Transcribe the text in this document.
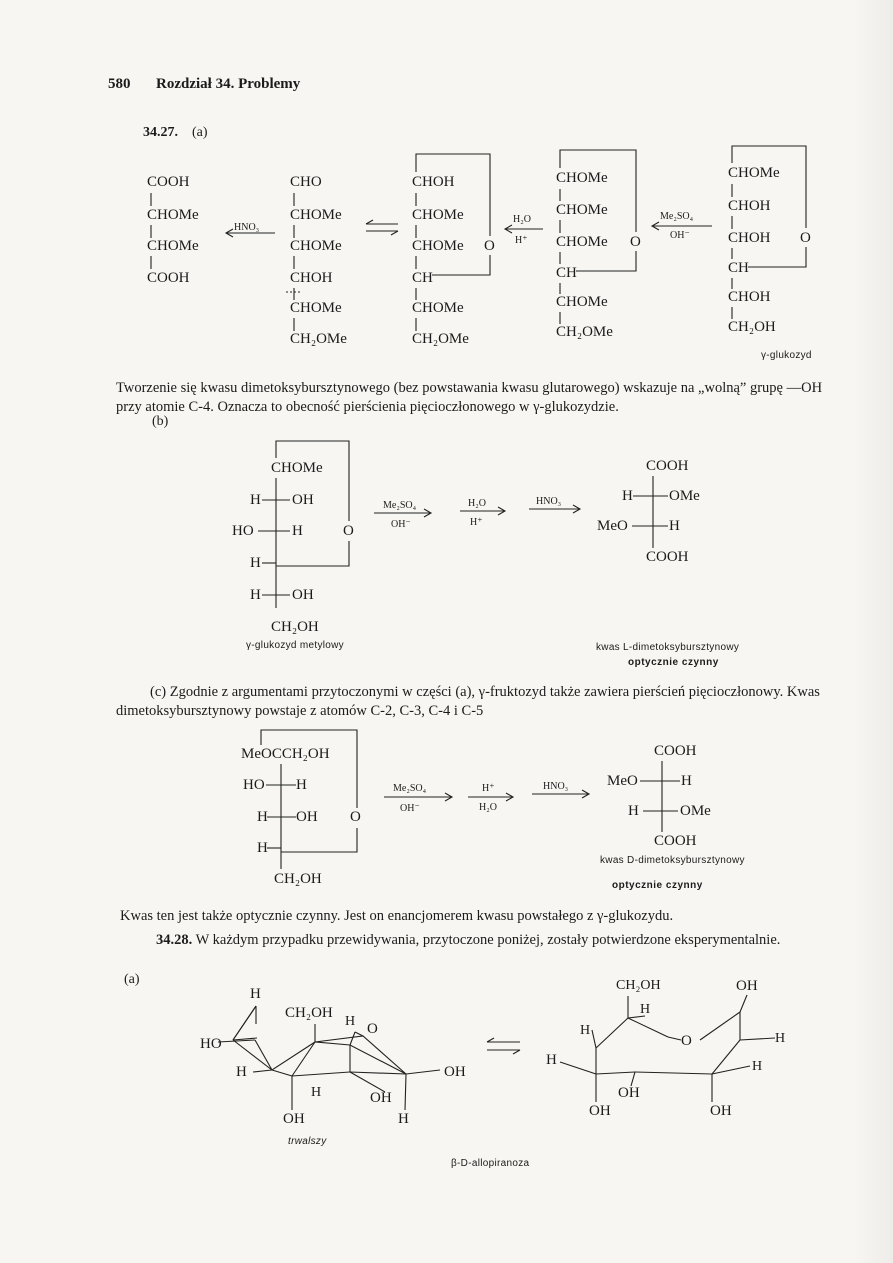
580 Rozdział 34. Problemy
34.27. (a)
COOH
CHOMe
CHOMe
COOH
HNO₃
CHO
CHOMe
CHOMe
CHOH
CHOMe
CH₂OMe
CHOH
CHOMe
CHOMe O
CH
CHOMe
CH₂OMe
H₂O
H⁺
CHOMe
CHOMe
CHOMe O
CH
CHOMe
CH₂OMe
Me₂SO₄
OH⁻
CHOMe
CHOH
CHOH O
CH
CHOH
CH₂OH
γ-glukozyd
Tworzenie się kwasu dimetoksybursztynowego (bez powstawania kwasu glutarowego) wskazuje na „wolną” grupę —OH przy atomie C-4. Oznacza to obecność pierścienia pięcioczłonowego w γ-glukozydzie.
(b)
CHOMe
H OH
HO	H	O
H
H OH
CH₂OH
γ-glukozyd metylowy
Me₂SO₄
OH⁻
H₂O
H⁺
HNO₃
COOH
H OMe
MeO	H
COOH
kwas L-dimetoksybursztynowy
optycznie czynny
(c) Zgodnie z argumentami przytoczonymi w części (a), γ-fruktozyd także zawiera pierścień pięcioczłonowy. Kwas dimetoksybursztynowy powstaje z atomów C-2, C-3, C-4 i C-5
MeOCCH₂OH
HO H
H OH O
H
CH₂OH
Me₂SO₄
OH⁻
H⁺
H₂O
HNO₃
COOH
MeO	H
H	OMe
COOH
kwas D-dimetoksybursztynowy
optycznie czynny
Kwas ten jest także optycznie czynny. Jest on enancjomerem kwasu powstałego z γ-glukozydu.
34.28. W każdym przypadku przewidywania, przytoczone poniżej, zostały potwierdzone eksperymentalnie.
(a)
H
CH₂OH
H O
HO
H	OH
H	OH
OH	H
trwalszy
CH₂OH	OH
H
H
O	H
H	H
OH
OH	OH
β-D-allopiranoza
